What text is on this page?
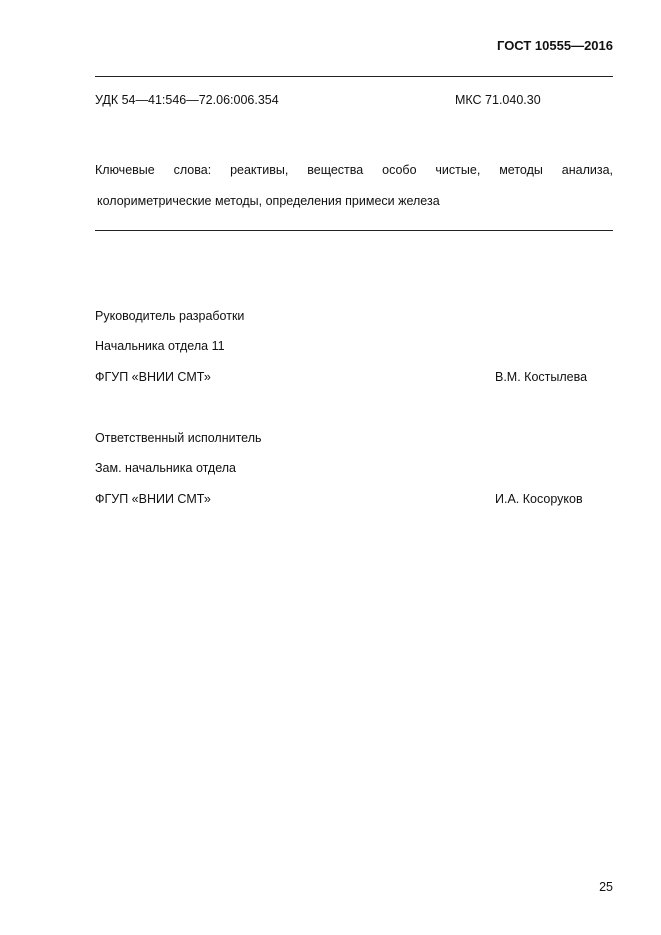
ГОСТ 10555—2016
УДК 54—41:546—72.06:006.354	МКС 71.040.30
Ключевые слова: реактивы, вещества особо чистые, методы анализа,
колориметрические методы, определения примеси железа
Руководитель разработки
Начальника отдела 11
ФГУП «ВНИИ СМТ»	В.М. Костылева
Ответственный исполнитель
Зам. начальника отдела
ФГУП «ВНИИ СМТ»	И.А. Косоруков
25
